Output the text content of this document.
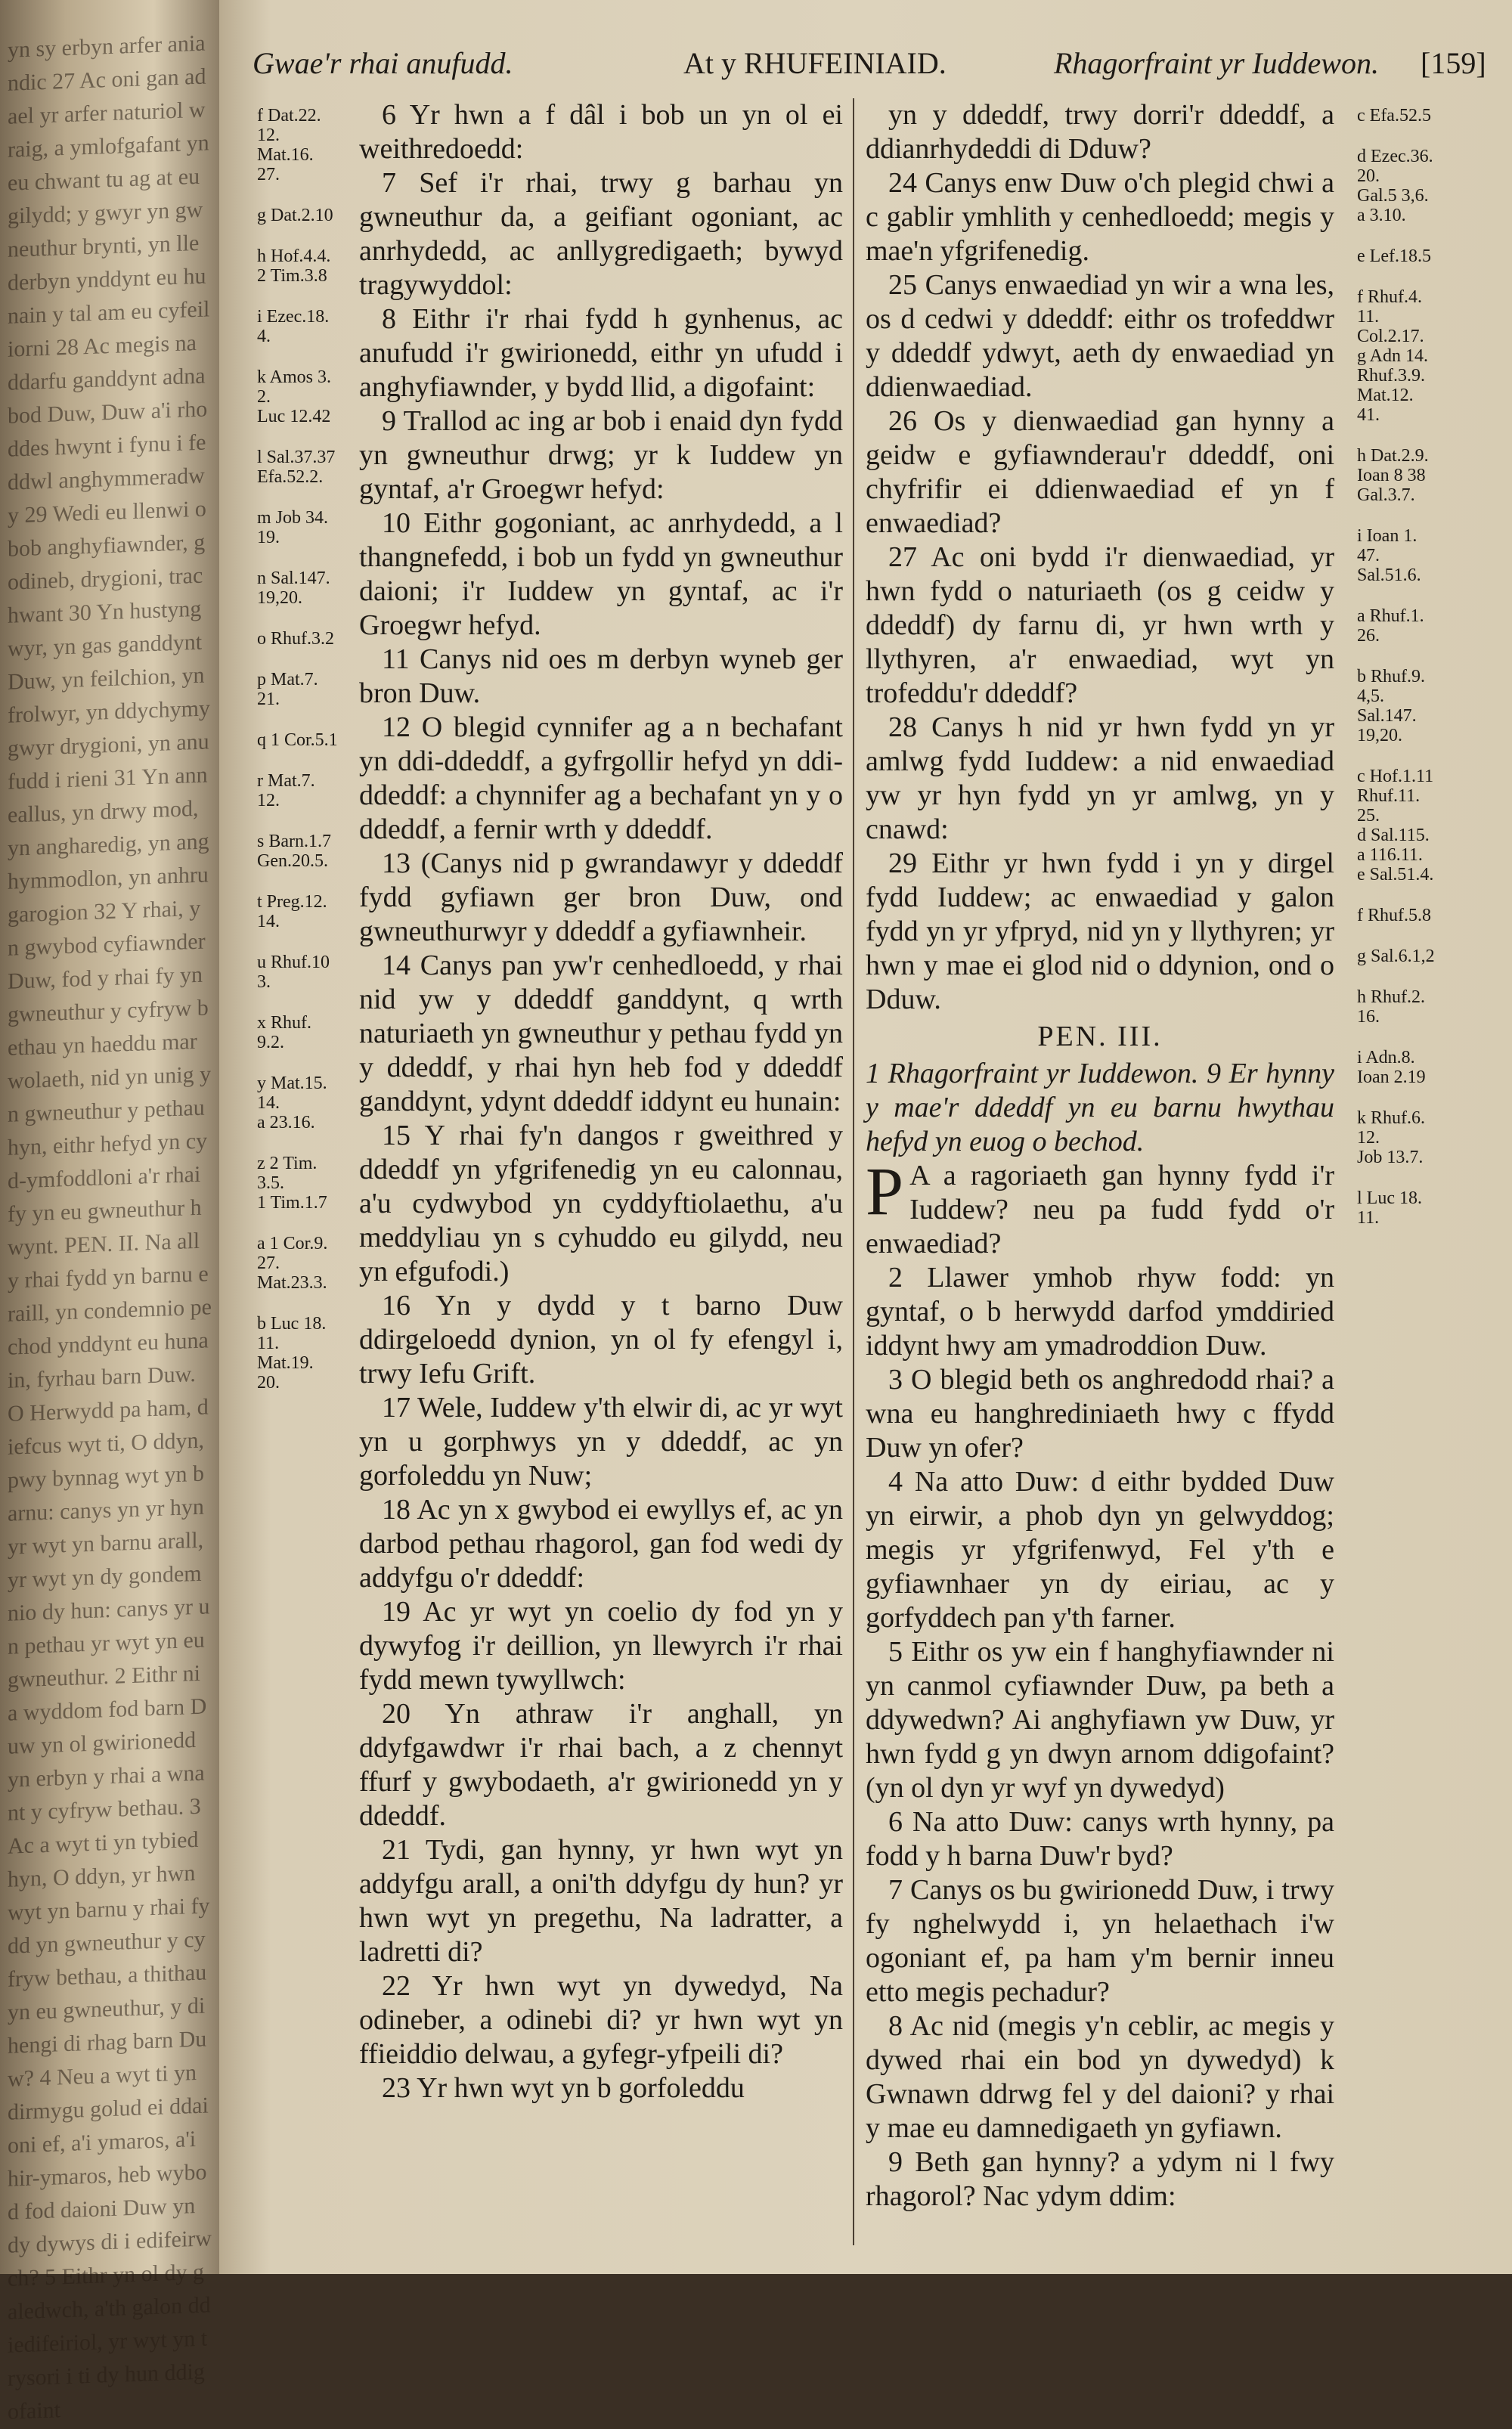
yn sy erbyn arfer aniandic 27 Ac oni gan adael yr arfer naturiol wraig, a ymlofgafant yn eu chwant tu ag at eu gilydd; y gwyr yn gwneuthur brynti, yn lle derbyn ynddynt eu hunain y tal am eu cyfeiliorni 28 Ac megis na ddarfu ganddynt adnabod Duw, Duw a'i rhoddes hwynt i fynu i feddwl anghymmeradwy 29 Wedi eu llenwi o bob anghyfiawnder, godineb, drygioni, trachwant 30 Yn hustyngwyr, yn gas ganddynt Duw, yn feilchion, yn frolwyr, yn ddychymygwyr drygioni, yn anufudd i rieni 31 Yn anneallus, yn drwy mod, yn angharedig, yn anghymmodlon, yn anhrugarogion 32 Y rhai, yn gwybod cyfiawnder Duw, fod y rhai fy yn gwneuthur y cyfryw bethau yn haeddu marwolaeth, nid yn unig yn gwneuthur y pethau hyn, eithr hefyd yn cyd-ymfoddloni a'r rhai fy yn eu gwneuthur hwynt. PEN. II. Na all y rhai fydd yn barnu eraill, yn condemnio pechod ynddynt eu hunain, fyrhau barn Duw. O Herwydd pa ham, diefcus wyt ti, O ddyn, pwy bynnag wyt yn barnu: canys yn yr hyn yr wyt yn barnu arall, yr wyt yn dy gondemnio dy hun: canys yr un pethau yr wyt yn eu gwneuthur. 2 Eithr ni a wyddom fod barn Duw yn ol gwirionedd yn erbyn y rhai a wnant y cyfryw bethau. 3 Ac a wyt ti yn tybied hyn, O ddyn, yr hwn wyt yn barnu y rhai fydd yn gwneuthur y cyfryw bethau, a thithau yn eu gwneuthur, y dihengi di rhag barn Duw? 4 Neu a wyt ti yn dirmygu golud ei ddaioni ef, a'i ymaros, a'i hir-ymaros, heb wybod fod daioni Duw yn dy dywys di i edifeirwch? 5 Eithr yn ol dy galedwch, a'th galon ddiedifeiriol, yr wyt yn trysori i ti dy hun ddigofaint
Gwae'r rhai anufudd.	At y RHUFEINIAID.	Rhagorfraint yr Iuddewon. [159]
f Dat.22.
12.
Mat.16.
27.
g Dat.2.10
h Hof.4.4.
2 Tim.3.8
i Ezec.18.
4.
k Amos 3.
2.
Luc 12.42
l Sal.37.37
Efa.52.2.
m Job 34.
19.
n Sal.147.
19,20.
o Rhuf.3.2
p Mat.7.
21.
q 1 Cor.5.1
r Mat.7.
12.
s Barn.1.7
Gen.20.5.
t Preg.12.
14.
u Rhuf.10
3.
x Rhuf.
9.2.
y Mat.15.
14.
a 23.16.
z 2 Tim.
3.5.
1 Tim.1.7
a 1 Cor.9.
27.
Mat.23.3.
b Luc 18.
11.
Mat.19.
20.

6 Yr hwn a f dâl i bob un yn ol ei weithredoedd:

7 Sef i'r rhai, trwy g barhau yn gwneuthur da, a geifiant ogoniant, ac anrhydedd, ac anllygredigaeth; bywyd tragywyddol:

8 Eithr i'r rhai fydd h gynhenus, ac anufudd i'r gwirionedd, eithr yn ufudd i anghyfiawnder, y bydd llid, a digofaint:

9 Trallod ac ing ar bob i enaid dyn fydd yn gwneuthur drwg; yr k Iuddew yn gyntaf, a'r Groegwr hefyd:

10 Eithr gogoniant, ac anrhydedd, a l thangnefedd, i bob un fydd yn gwneuthur daioni; i'r Iuddew yn gyntaf, ac i'r Groegwr hefyd.

11 Canys nid oes m derbyn wyneb ger bron Duw.

12 O blegid cynnifer ag a n bechafant yn ddi-ddeddf, a gyfrgollir hefyd yn ddi-ddeddf: a chynnifer ag a bechafant yn y o ddeddf, a fernir wrth y ddeddf.

13 (Canys nid p gwrandawyr y ddeddf fydd gyfiawn ger bron Duw, ond gwneuthurwyr y ddeddf a gyfiawnheir.

14 Canys pan yw'r cenhedloedd, y rhai nid yw y ddeddf ganddynt, q wrth naturiaeth yn gwneuthur y pethau fydd yn y ddeddf, y rhai hyn heb fod y ddeddf ganddynt, ydynt ddeddf iddynt eu hunain:

15 Y rhai fy'n dangos r gweithred y ddeddf yn yfgrifenedig yn eu calonnau, a'u cydwybod yn cyddyftiolaethu, a'u meddyliau yn s cyhuddo eu gilydd, neu yn efgufodi.)

16 Yn y dydd y t barno Duw ddirgeloedd dynion, yn ol fy efengyl i, trwy Iefu Grift.

17 Wele, Iuddew y'th elwir di, ac yr wyt yn u gorphwys yn y ddeddf, ac yn gorfoleddu yn Nuw;

18 Ac yn x gwybod ei ewyllys ef, ac yn darbod pethau rhagorol, gan fod wedi dy addyfgu o'r ddeddf:

19 Ac yr wyt yn coelio dy fod yn y dywyfog i'r deillion, yn llewyrch i'r rhai fydd mewn tywyllwch:

20 Yn athraw i'r anghall, yn ddyfgawdwr i'r rhai bach, a z chennyt ffurf y gwybodaeth, a'r gwirionedd yn y ddeddf.

21 Tydi, gan hynny, yr hwn wyt yn addyfgu arall, a oni'th ddyfgu dy hun? yr hwn wyt yn pregethu, Na ladratter, a ladretti di?

22 Yr hwn wyt yn dywedyd, Na odineber, a odinebi di? yr hwn wyt yn ffieiddio delwau, a gyfegr-yfpeili di?

23 Yr hwn wyt yn b gorfoleddu

yn y ddeddf, trwy dorri'r ddeddf, a ddianrhydeddi di Dduw?

24 Canys enw Duw o'ch plegid chwi a c gablir ymhlith y cenhedloedd; megis y mae'n yfgrifenedig.

25 Canys enwaediad yn wir a wna les, os d cedwi y ddeddf: eithr os trofeddwr y ddeddf ydwyt, aeth dy enwaediad yn ddienwaediad.

26 Os y dienwaediad gan hynny a geidw e gyfiawnderau'r ddeddf, oni chyfrifir ei ddienwaediad ef yn f enwaediad?

27 Ac oni bydd i'r dienwaediad, yr hwn fydd o naturiaeth (os g ceidw y ddeddf) dy farnu di, yr hwn wrth y llythyren, a'r enwaediad, wyt yn trofeddu'r ddeddf?

28 Canys h nid yr hwn fydd yn yr amlwg fydd Iuddew: a nid enwaediad yw yr hyn fydd yn yr amlwg, yn y cnawd:

29 Eithr yr hwn fydd i yn y dirgel fydd Iuddew; ac enwaediad y galon fydd yn yr yfpryd, nid yn y llythyren; yr hwn y mae ei glod nid o ddynion, ond o Dduw.

PEN. III.

1 Rhagorfraint yr Iuddewon. 9 Er hynny y mae'r ddeddf yn eu barnu hwythau hefyd yn euog o bechod.

P A a ragoriaeth gan hynny fydd i'r Iuddew? neu pa fudd fydd o'r enwaediad?

2 Llawer ymhob rhyw fodd: yn gyntaf, o b herwydd darfod ymddiried iddynt hwy am ymadroddion Duw.

3 O blegid beth os anghredodd rhai? a wna eu hanghrediniaeth hwy c ffydd Duw yn ofer?

4 Na atto Duw: d eithr bydded Duw yn eirwir, a phob dyn yn gelwyddog; megis yr yfgrifenwyd, Fel y'th e gyfiawnhaer yn dy eiriau, ac y gorfyddech pan y'th farner.

5 Eithr os yw ein f hanghyfiawnder ni yn canmol cyfiawnder Duw, pa beth a ddywedwn? Ai anghyfiawn yw Duw, yr hwn fydd g yn dwyn arnom ddigofaint? (yn ol dyn yr wyf yn dywedyd)

6 Na atto Duw: canys wrth hynny, pa fodd y h barna Duw'r byd?

7 Canys os bu gwirionedd Duw, i trwy fy nghelwydd i, yn helaethach i'w ogoniant ef, pa ham y'm bernir inneu etto megis pechadur?

8 Ac nid (megis y'n ceblir, ac megis y dywed rhai ein bod yn dywedyd) k Gwnawn ddrwg fel y del daioni? y rhai y mae eu damnedigaeth yn gyfiawn.

9 Beth gan hynny? a ydym ni l fwy rhagorol? Nac ydym ddim:

c Efa.52.5
d Ezec.36.
20.
Gal.5 3,6.
a 3.10.
e Lef.18.5
f Rhuf.4.
11.
Col.2.17.
g Adn 14.
Rhuf.3.9.
Mat.12.
41.
h Dat.2.9.
Ioan 8 38
Gal.3.7.
i Ioan 1.
47.
Sal.51.6.
a Rhuf.1.
26.
b Rhuf.9.
4,5.
Sal.147.
19,20.
c Hof.1.11
Rhuf.11.
25.
d Sal.115.
a 116.11.
e Sal.51.4.
f Rhuf.5.8
g Sal.6.1,2
h Rhuf.2.
16.
i Adn.8.
Ioan 2.19
k Rhuf.6.
12.
Job 13.7.
l Luc 18.
11.
